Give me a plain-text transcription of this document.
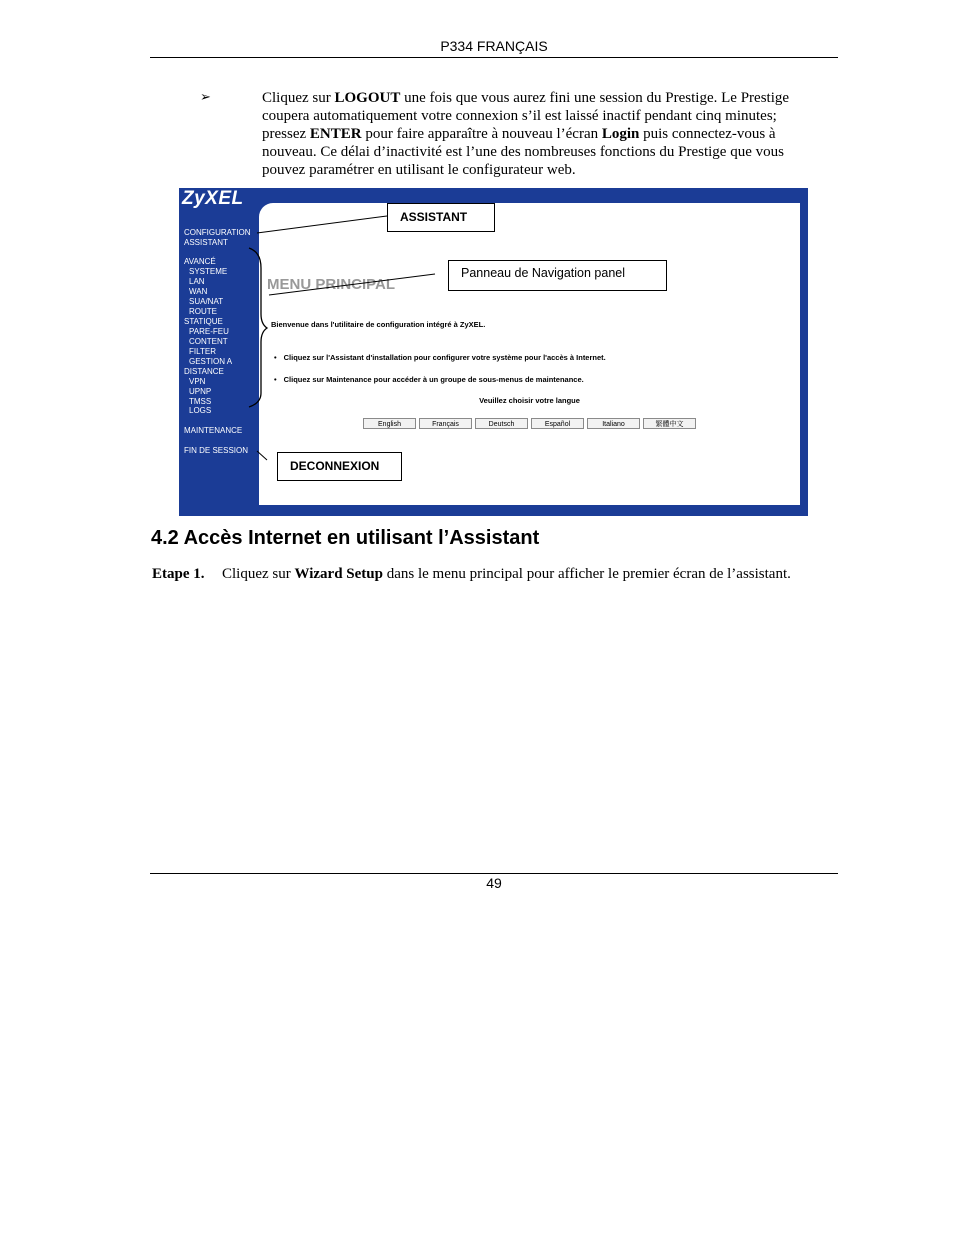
P334 FRANÇAIS
➢	Cliquez sur LOGOUT une fois que vous aurez fini une session du Prestige. Le Prestige coupera automatiquement votre connexion s’il est laissé inactif pendant cinq minutes; pressez ENTER pour faire apparaître à nouveau l’écran Login puis connectez-vous à nouveau. Ce délai d’inactivité est l’une des nombreuses fonctions du Prestige que vous pouvez paramétrer en utilisant le configurateur web.

ZyXEL
CONFIGURATION
ASSISTANT
AVANCÉ
SYSTEME
LAN
WAN
SUA/NAT
ROUTE
STATIQUE
PARE-FEU
CONTENT
FILTER
GESTION A
DISTANCE
VPN
UPNP
TMSS
LOGS
MAINTENANCE
FIN DE SESSION
MENU PRINCIPAL
Bienvenue dans l'utilitaire de configuration intégré à ZyXEL.
• Cliquez sur l'Assistant d'installation pour configurer votre système pour l'accès à Internet.
• Cliquez sur Maintenance pour accéder à un groupe de sous-menus de maintenance.
Veuillez choisir votre langue
English	Français	Deutsch	Español	Italiano	繁體中文
ASSISTANT
Panneau de Navigation panel
DECONNEXION
4.2 Accès Internet en utilisant l’Assistant
Etape 1. Cliquez sur Wizard Setup dans le menu principal pour afficher le premier écran de l’assistant.
49
